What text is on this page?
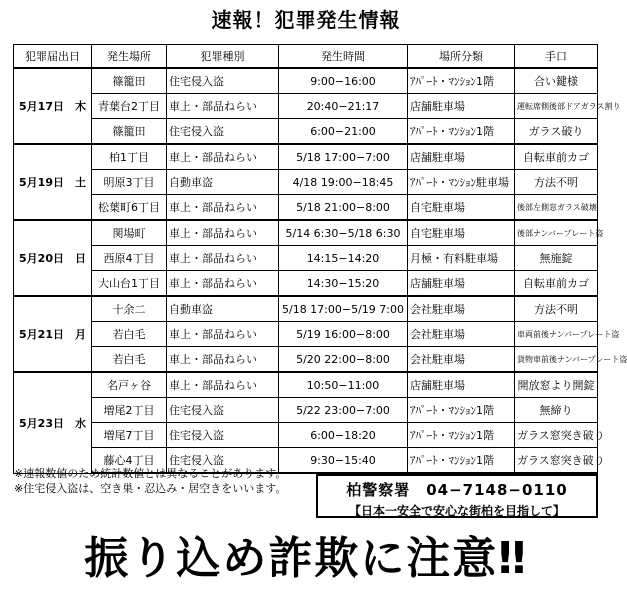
速報！犯罪発生情報
犯罪届出日	発生場所	犯罪種別	発生時間	場所分類	手口
5月17日　木	篠籠田	住宅侵入盗	9:00−16:00	ｱﾊﾟｰﾄ・ﾏﾝｼｮﾝ1階	合い鍵様
	青葉台2丁目	車上・部品ねらい	20:40−21:17	店舗駐車場	運転席側後部ドアガラス割り
	篠籠田	住宅侵入盗	6:00−21:00	ｱﾊﾟｰﾄ・ﾏﾝｼｮﾝ1階	ガラス破り
5月19日　土	柏1丁目	車上・部品ねらい	5/18 17:00−7:00	店舗駐車場	自転車前カゴ
	明原3丁目	自動車盗	4/18 19:00−18:45	ｱﾊﾟｰﾄ・ﾏﾝｼｮﾝ駐車場	方法不明
	松葉町6丁目	車上・部品ねらい	5/18 21:00−8:00	自宅駐車場	後部左側窓ガラス破壊
5月20日　日	関場町	車上・部品ねらい	5/14 6:30−5/18 6:30	自宅駐車場	後部ナンバープレート盗
	西原4丁目	車上・部品ねらい	14:15−14:20	月極・有料駐車場	無施錠
	大山台1丁目	車上・部品ねらい	14:30−15:20	店舗駐車場	自転車前カゴ
5月21日　月	十余二	自動車盗	5/18 17:00−5/19 7:00	会社駐車場	方法不明
	若白毛	車上・部品ねらい	5/19 16:00−8:00	会社駐車場	車両前後ナンバープレート盗
	若白毛	車上・部品ねらい	5/20 22:00−8:00	会社駐車場	貨物車前後ナンバープレート盗
5月23日　水	名戸ヶ谷	車上・部品ねらい	10:50−11:00	店舗駐車場	開放窓より開錠
	増尾2丁目	住宅侵入盗	5/22 23:00−7:00	ｱﾊﾟｰﾄ・ﾏﾝｼｮﾝ1階	無締り
	増尾7丁目	住宅侵入盗	6:00−18:20	ｱﾊﾟｰﾄ・ﾏﾝｼｮﾝ1階	ガラス窓突き破り
	藤心4丁目	住宅侵入盗	9:30−15:40	ｱﾊﾟｰﾄ・ﾏﾝｼｮﾝ1階	ガラス窓突き破り
※速報数値のため統計数値とは異なることがあります。
※住宅侵入盗は、空き巣・忍込み・居空きをいいます。	柏警察署　04−7148−0110
【日本一安全で安心な街柏を目指して】
振り込め詐欺に注意‼
